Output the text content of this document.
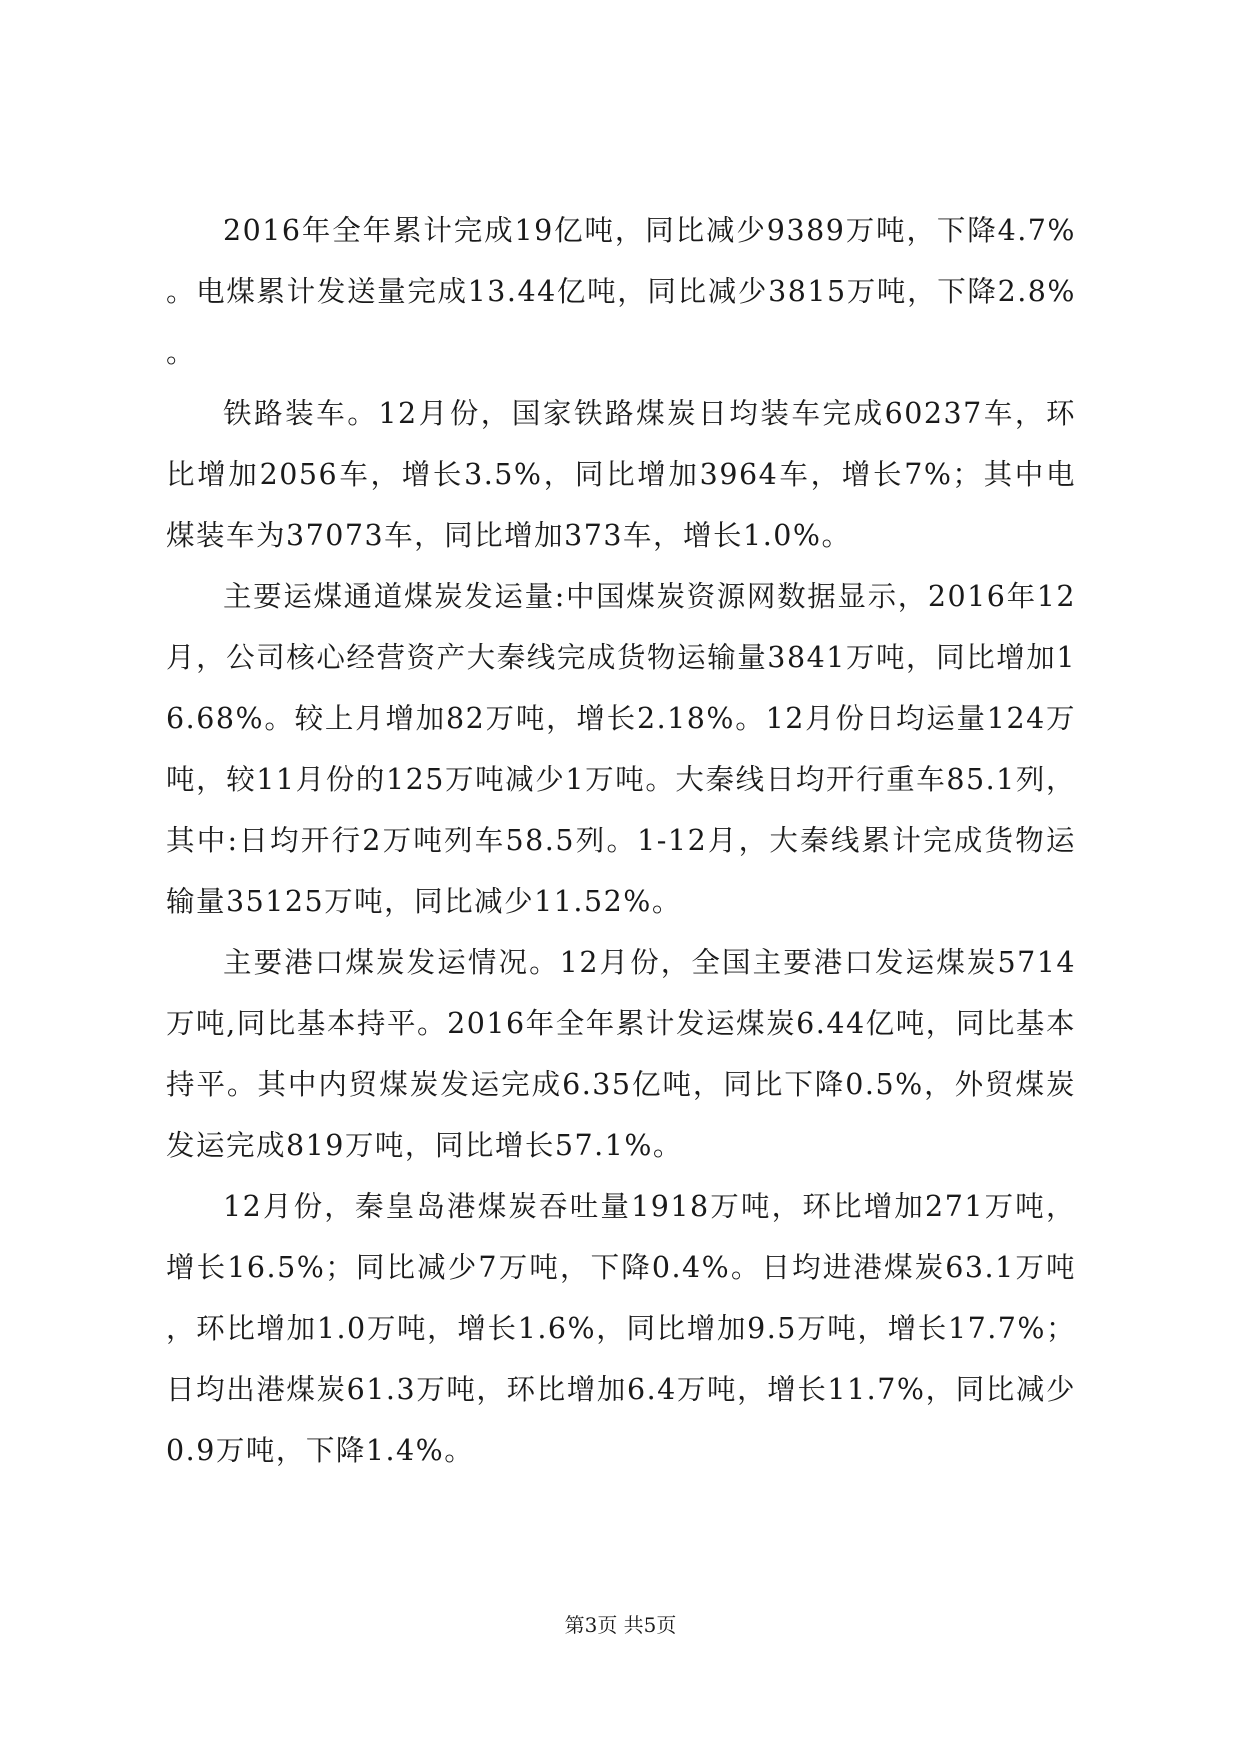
2016年全年累计完成19亿吨，同比减少9389万吨，下降4.7%。电煤累计发送量完成13.44亿吨，同比减少3815万吨，下降2.8%。

铁路装车。12月份，国家铁路煤炭日均装车完成60237车，环比增加2056车，增长3.5%，同比增加3964车，增长7%；其中电煤装车为37073车，同比增加373车，增长1.0%。

主要运煤通道煤炭发运量:中国煤炭资源网数据显示，2016年12月，公司核心经营资产大秦线完成货物运输量3841万吨，同比增加16.68%。较上月增加82万吨，增长2.18%。12月份日均运量124万吨，较11月份的125万吨减少1万吨。大秦线日均开行重车85.1列，其中:日均开行2万吨列车58.5列。1-12月，大秦线累计完成货物运输量35125万吨，同比减少11.52%。

主要港口煤炭发运情况。12月份，全国主要港口发运煤炭5714万吨,同比基本持平。2016年全年累计发运煤炭6.44亿吨，同比基本持平。其中内贸煤炭发运完成6.35亿吨，同比下降0.5%，外贸煤炭发运完成819万吨，同比增长57.1%。

12月份，秦皇岛港煤炭吞吐量1918万吨，环比增加271万吨，增长16.5%；同比减少7万吨，下降0.4%。日均进港煤炭63.1万吨，环比增加1.0万吨，增长1.6%，同比增加9.5万吨，增长17.7%；日均出港煤炭61.3万吨，环比增加6.4万吨，增长11.7%，同比减少0.9万吨，下降1.4%。

第3页 共5页
